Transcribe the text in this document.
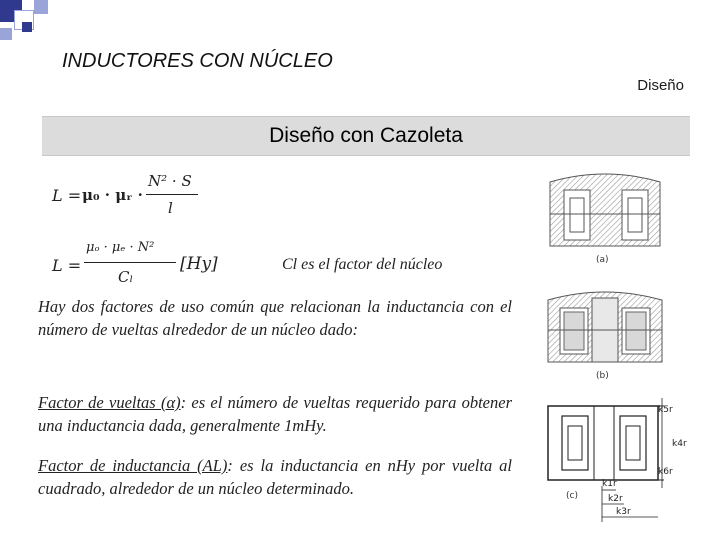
INDUCTORES CON NÚCLEO
Diseño
Diseño con Cazoleta
L = μ₀ · μᵣ ·
N² · S
l
L =
μₒ · μₑ · N²
Cₗ
[Hy]	Cl es el factor del núcleo
Hay dos factores de uso común que relacionan la inductancia con el número de vueltas alrededor de un núcleo dado:
Factor de vueltas (α): es el número de vueltas requerido para obtener una inductancia dada, generalmente 1mHy.
Factor de inductancia (AL): es la inductancia en nHy por vuelta al cuadrado, alrededor de un núcleo determinado.
(a)
(b)
k5r
k4r
k6r
k1r
k2r
k3r
(c)
